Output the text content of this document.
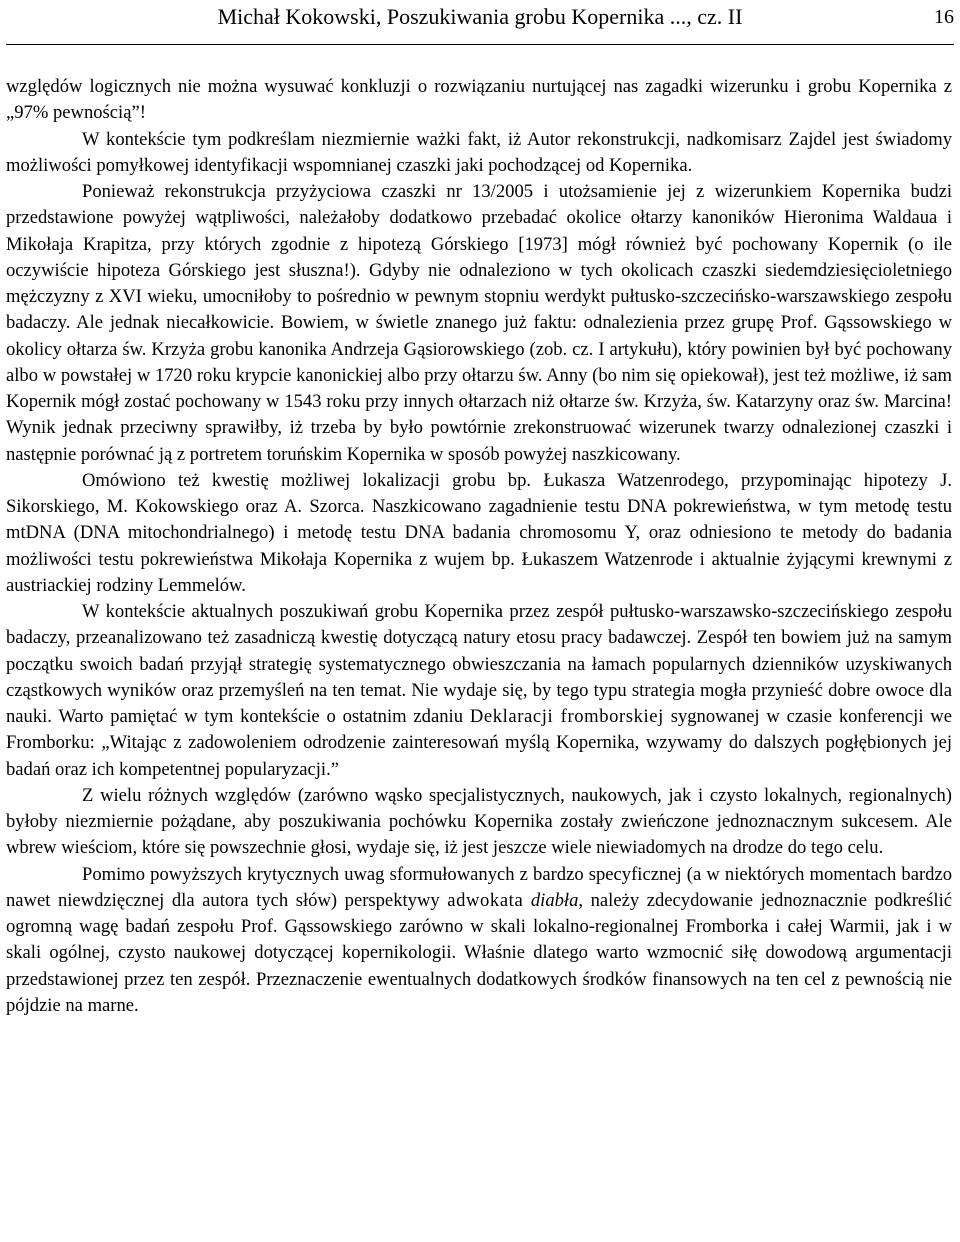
Michał Kokowski, Poszukiwania grobu Kopernika ..., cz. II	16

względów logicznych nie można wysuwać konkluzji o rozwiązaniu nurtującej nas zagadki wizerunku i grobu Kopernika z „97% pewnością”!

W kontekście tym podkreślam niezmiernie ważki fakt, iż Autor rekonstrukcji, nadkomisarz Zajdel jest świadomy możliwości pomyłkowej identyfikacji wspomnianej czaszki jaki pochodzącej od Kopernika.

Ponieważ rekonstrukcja przyżyciowa czaszki nr 13/2005 i utożsamienie jej z wizerunkiem Kopernika budzi przedstawione powyżej wątpliwości, należałoby dodatkowo przebadać okolice ołtarzy kanoników Hieronima Waldaua i Mikołaja Krapitza, przy których zgodnie z hipotezą Górskiego [1973] mógł również być pochowany Kopernik (o ile oczywiście hipoteza Górskiego jest słuszna!). Gdyby nie odnaleziono w tych okolicach czaszki siedemdziesięcioletniego mężczyzny z XVI wieku, umocniłoby to pośrednio w pewnym stopniu werdykt pułtusko-szczecińsko-warszawskiego zespołu badaczy. Ale jednak niecałkowicie. Bowiem, w świetle znanego już faktu: odnalezienia przez grupę Prof. Gąssowskiego w okolicy ołtarza św. Krzyża grobu kanonika Andrzeja Gąsiorowskiego (zob. cz. I artykułu), który powinien był być pochowany albo w powstałej w 1720 roku krypcie kanonickiej albo przy ołtarzu św. Anny (bo nim się opiekował), jest też możliwe, iż sam Kopernik mógł zostać pochowany w 1543 roku przy innych ołtarzach niż ołtarze św. Krzyża, św. Katarzyny oraz św. Marcina! Wynik jednak przeciwny sprawiłby, iż trzeba by było powtórnie zrekonstruować wizerunek twarzy odnalezionej czaszki i następnie porównać ją z portretem toruńskim Kopernika w sposób powyżej naszkicowany.

Omówiono też kwestię możliwej lokalizacji grobu bp. Łukasza Watzenrodego, przypominając hipotezy J. Sikorskiego, M. Kokowskiego oraz A. Szorca. Naszkicowano zagadnienie testu DNA pokrewieństwa, w tym metodę testu mtDNA (DNA mitochondrialnego) i metodę testu DNA badania chromosomu Y, oraz odniesiono te metody do badania możliwości testu pokrewieństwa Mikołaja Kopernika z wujem bp. Łukaszem Watzenrode i aktualnie żyjącymi krewnymi z austriackiej rodziny Lemmelów.

W kontekście aktualnych poszukiwań grobu Kopernika przez zespół pułtusko-warszawsko-szczecińskiego zespołu badaczy, przeanalizowano też zasadniczą kwestię dotyczącą natury etosu pracy badawczej. Zespół ten bowiem już na samym początku swoich badań przyjął strategię systematycznego obwieszczania na łamach popularnych dzienników uzyskiwanych cząstkowych wyników oraz przemyśleń na ten temat. Nie wydaje się, by tego typu strategia mogła przynieść dobre owoce dla nauki. Warto pamiętać w tym kontekście o ostatnim zdaniu Deklaracji fromborskiej sygnowanej w czasie konferencji we Fromborku: „Witając z zadowoleniem odrodzenie zainteresowań myślą Kopernika, wzywamy do dalszych pogłębionych jej badań oraz ich kompetentnej popularyzacji.”

Z wielu różnych względów (zarówno wąsko specjalistycznych, naukowych, jak i czysto lokalnych, regionalnych) byłoby niezmiernie pożądane, aby poszukiwania pochówku Kopernika zostały zwieńczone jednoznacznym sukcesem. Ale wbrew wieściom, które się powszechnie głosi, wydaje się, iż jest jeszcze wiele niewiadomych na drodze do tego celu.

Pomimo powyższych krytycznych uwag sformułowanych z bardzo specyficznej (a w niektórych momentach bardzo nawet niewdzięcznej dla autora tych słów) perspektywy adwokata diabła, należy zdecydowanie jednoznacznie podkreślić ogromną wagę badań zespołu Prof. Gąssowskiego zarówno w skali lokalno-regionalnej Fromborka i całej Warmii, jak i w skali ogólnej, czysto naukowej dotyczącej kopernikologii. Właśnie dlatego warto wzmocnić siłę dowodową argumentacji przedstawionej przez ten zespół. Przeznaczenie ewentualnych dodatkowych środków finansowych na ten cel z pewnością nie pójdzie na marne.
